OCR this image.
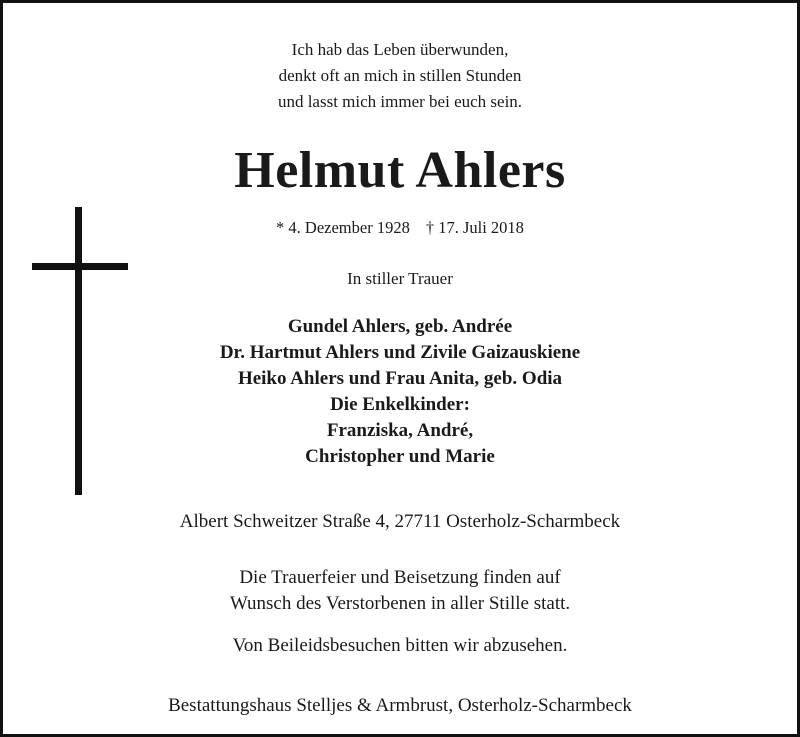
Ich hab das Leben überwunden,
denkt oft an mich in stillen Stunden
und lasst mich immer bei euch sein.
Helmut Ahlers
* 4. Dezember 1928 † 17. Juli 2018
In stiller Trauer
Gundel Ahlers, geb. Andrée
Dr. Hartmut Ahlers und Zivile Gaizauskiene
Heiko Ahlers und Frau Anita, geb. Odia
Die Enkelkinder:
Franziska, André,
Christopher und Marie
Albert Schweitzer Straße 4, 27711 Osterholz-Scharmbeck
Die Trauerfeier und Beisetzung finden auf
Wunsch des Verstorbenen in aller Stille statt.
Von Beileidsbesuchen bitten wir abzusehen.
Bestattungshaus Stelljes & Armbrust, Osterholz-Scharmbeck
